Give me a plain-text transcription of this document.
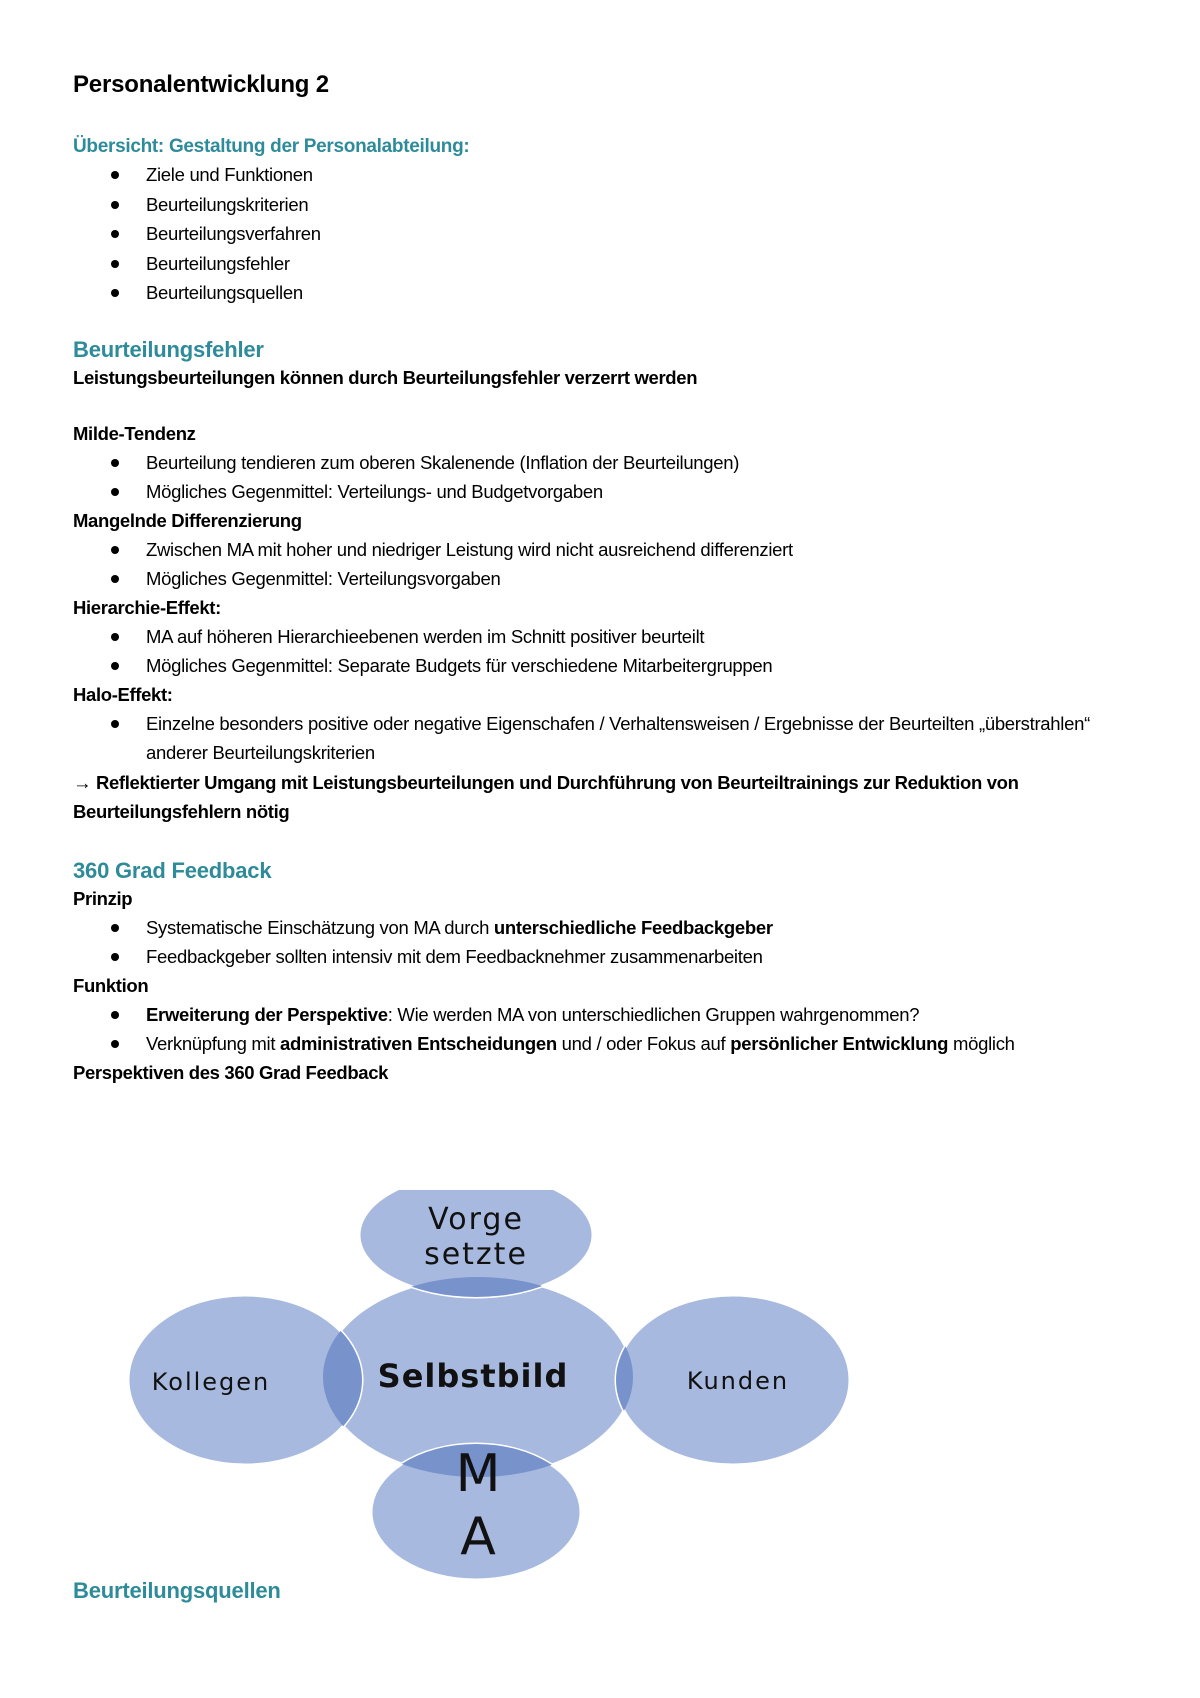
Personalentwicklung 2

Übersicht: Gestaltung der Personalabteilung:

Ziele und Funktionen
Beurteilungskriterien
Beurteilungsverfahren
Beurteilungsfehler
Beurteilungsquellen
Beurteilungsfehler

Leistungsbeurteilungen können durch Beurteilungsfehler verzerrt werden

Milde-Tendenz

Beurteilung tendieren zum oberen Skalenende (Inflation der Beurteilungen)
Mögliches Gegenmittel: Verteilungs- und Budgetvorgaben

Mangelnde Differenzierung

Zwischen MA mit hoher und niedriger Leistung wird nicht ausreichend differenziert
Mögliches Gegenmittel: Verteilungsvorgaben

Hierarchie-Effekt:

MA auf höheren Hierarchieebenen werden im Schnitt positiver beurteilt
Mögliches Gegenmittel: Separate Budgets für verschiedene Mitarbeitergruppen

Halo-Effekt:

Einzelne besonders positive oder negative Eigenschafen / Verhaltensweisen / Ergebnisse der Beurteilten „überstrahlen“ anderer Beurteilungskriterien

→ Reflektierter Umgang mit Leistungsbeurteilungen und Durchführung von Beurteiltrainings zur Reduktion von Beurteilungsfehlern nötig

360 Grad Feedback

Prinzip

Systematische Einschätzung von MA durch unterschiedliche Feedbackgeber
Feedbackgeber sollten intensiv mit dem Feedbacknehmer zusammenarbeiten

Funktion

Erweiterung der Perspektive: Wie werden MA von unterschiedlichen Gruppen wahrgenommen?
Verknüpfung mit administrativen Entscheidungen und / oder Fokus auf persönlicher Entwicklung möglich

Perspektiven des 360 Grad Feedback

Vorge
setzte
Selbstbild
Kollegen	Kunden
M
A
Beurteilungsquellen
